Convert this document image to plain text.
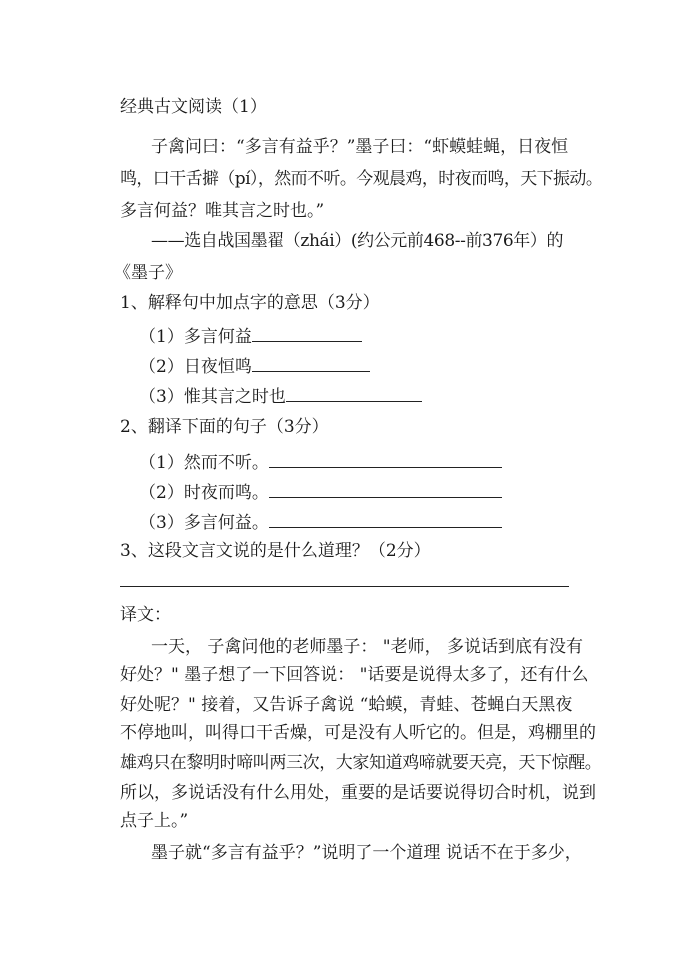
经典古文阅读（1）
子禽问曰：“多言有益乎？”墨子曰：“虾蟆蛙蝇，日夜恒
鸣，口干舌擗（pí），然而不听。今观晨鸡，时夜而鸣，天下振动。
多言何益？唯其言之时也。”
——选自战国墨翟（zhái）(约公元前468--前376年）的
《墨子》
1、解释句中加点字的意思（3分）
（1）多言何益
（2）日夜恒鸣
（3）惟其言之时也
2、翻译下面的句子（3分）
（1）然而不听。
（2）时夜而鸣。
（3）多言何益。
3、这段文言文说的是什么道理？（2分）
译文：
一天， 子禽问他的老师墨子： "老师， 多说话到底有没有
好处？" 墨子想了一下回答说： "话要是说得太多了，还有什么
好处呢？" 接着，又告诉子禽说 “蛤蟆，青蛙、苍蝇白天黑夜
不停地叫，叫得口干舌燥，可是没有人听它的。但是，鸡棚里的
雄鸡只在黎明时啼叫两三次，大家知道鸡啼就要天亮，天下惊醒。
所以，多说话没有什么用处，重要的是话要说得切合时机，说到
点子上。”
墨子就“多言有益乎？”说明了一个道理 说话不在于多少，
